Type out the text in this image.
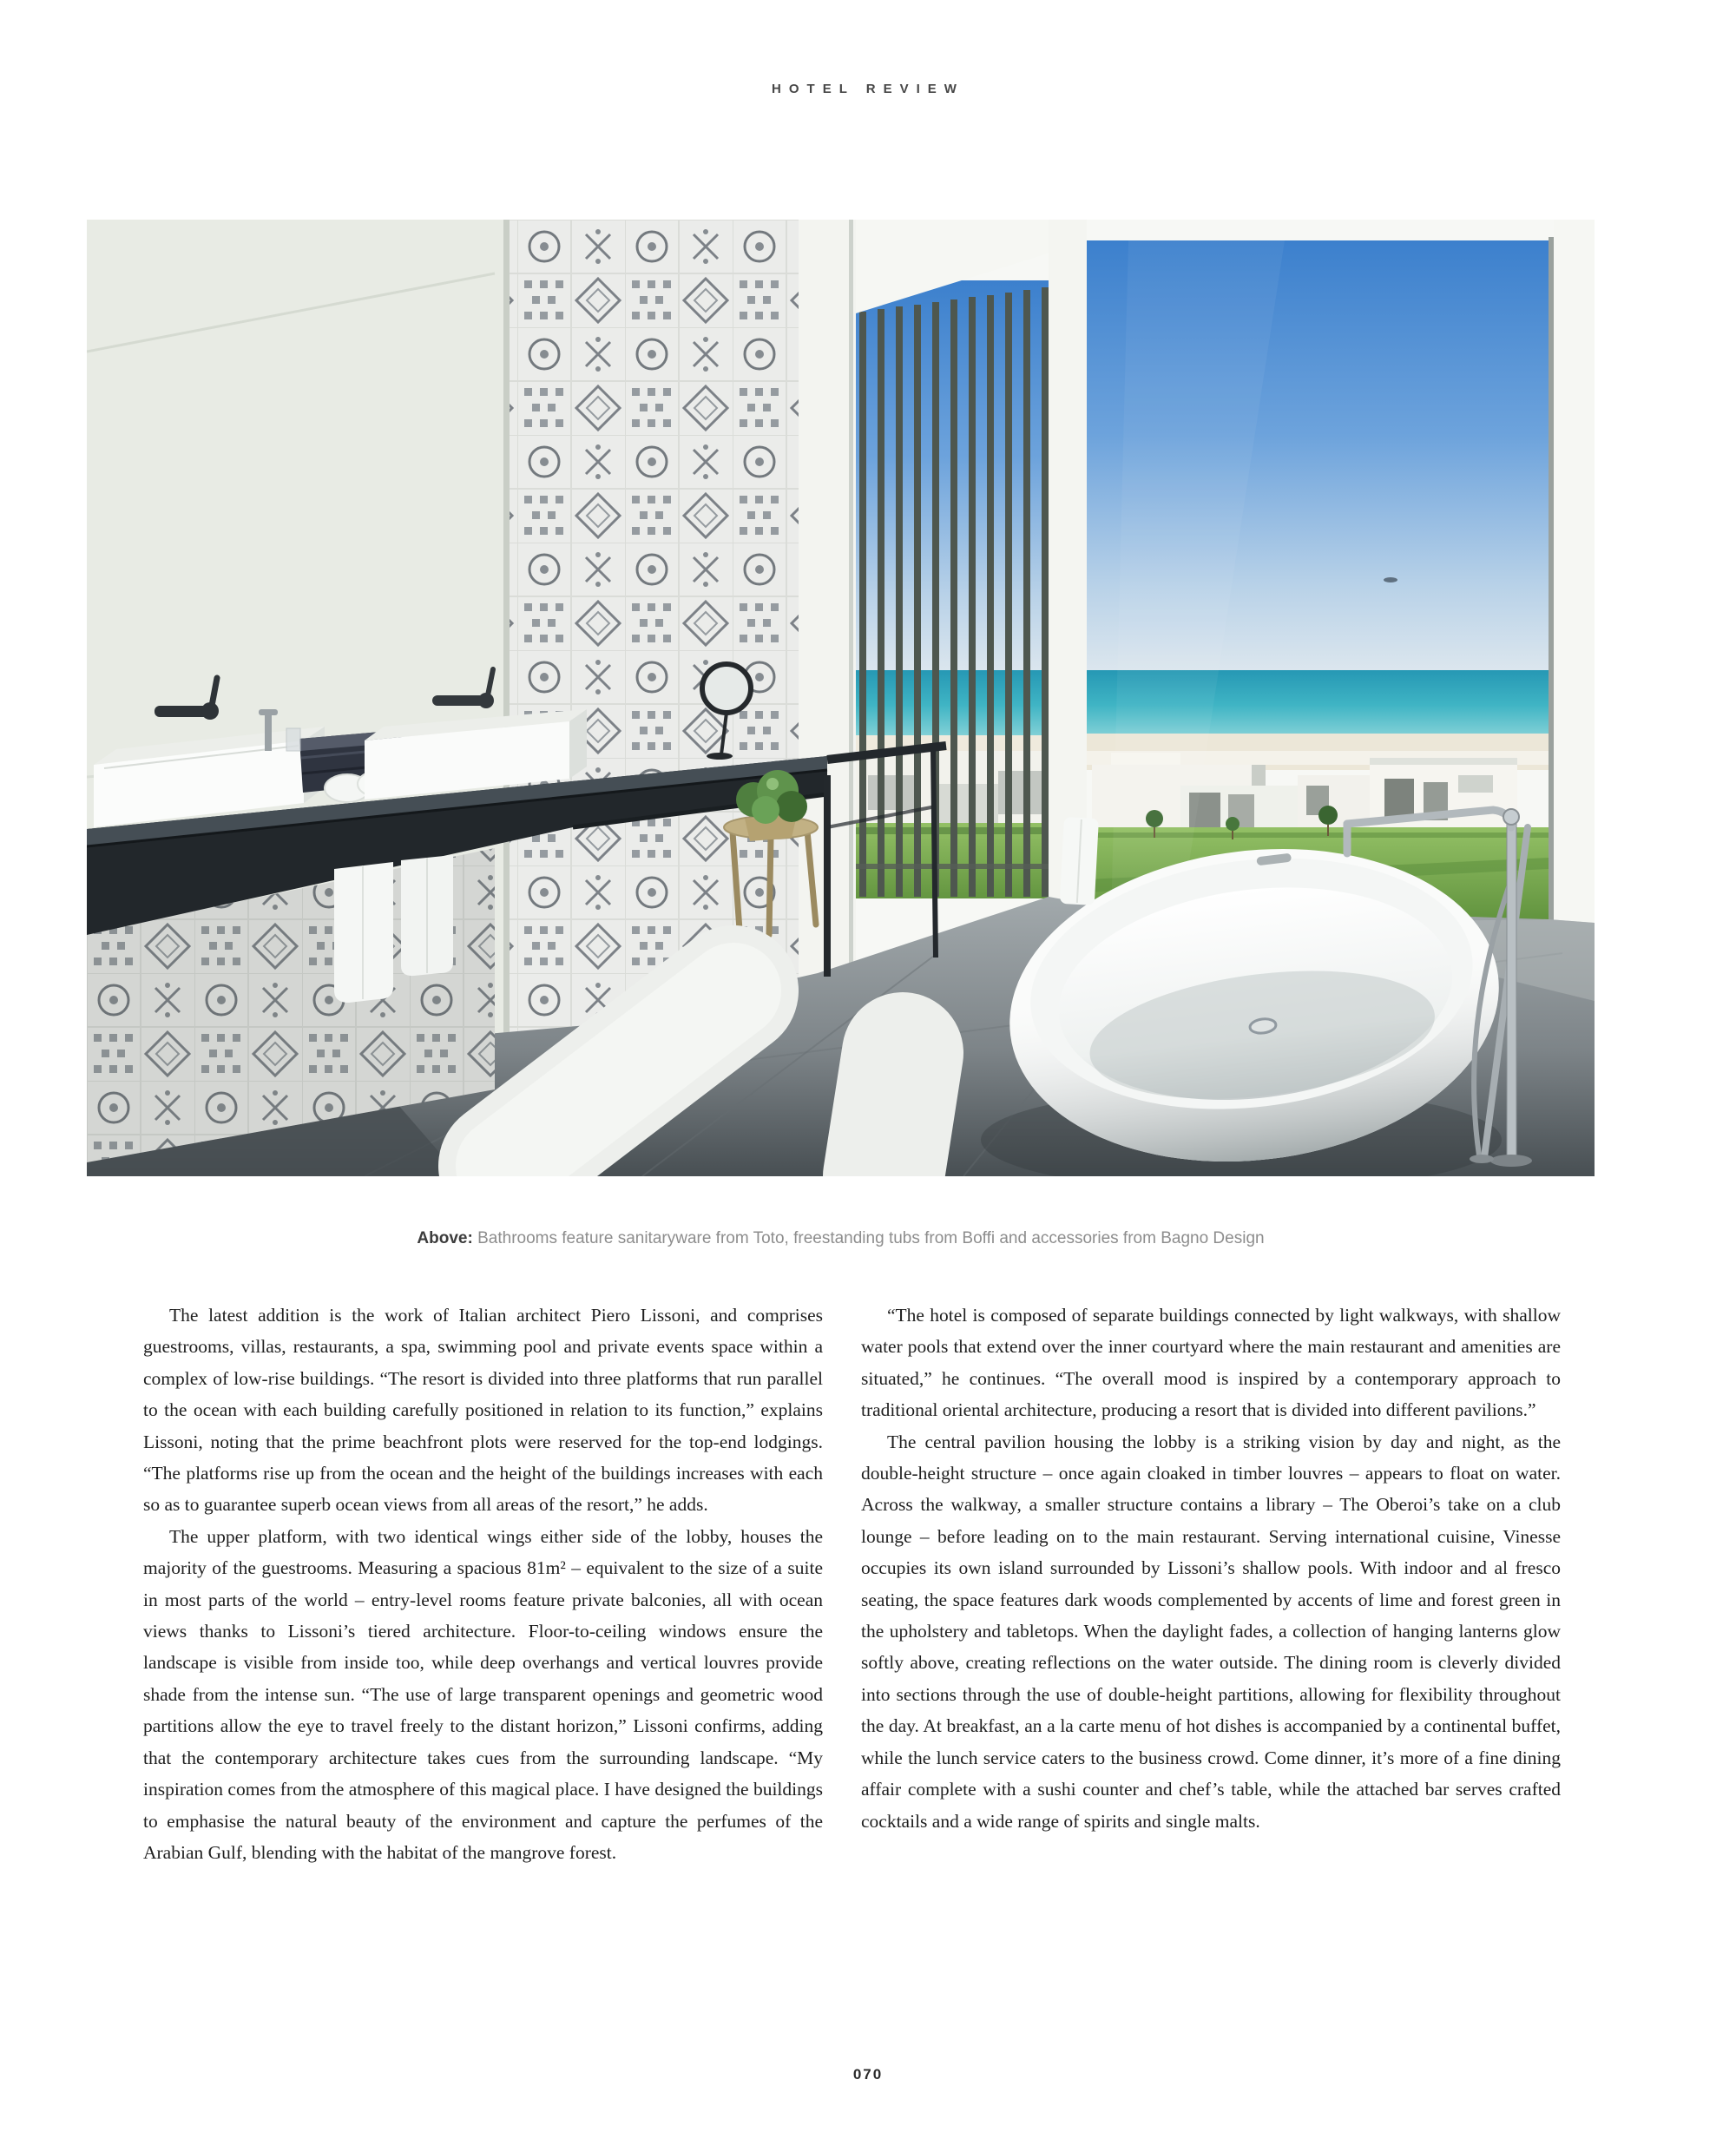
HOTEL REVIEW
Above: Bathrooms feature sanitaryware from Toto, freestanding tubs from Boffi and accessories from Bagno Design

The latest addition is the work of Italian architect Piero Lissoni, and comprises guestrooms, villas, restaurants, a spa, swimming pool and private events space within a complex of low-rise buildings. “The resort is divided into three platforms that run parallel to the ocean with each building carefully positioned in relation to its function,” explains Lissoni, noting that the prime beachfront plots were reserved for the top-end lodgings. “The platforms rise up from the ocean and the height of the buildings increases with each so as to guarantee superb ocean views from all areas of the resort,” he adds.

The upper platform, with two identical wings either side of the lobby, houses the majority of the guestrooms. Measuring a spacious 81m² – equivalent to the size of a suite in most parts of the world – entry-level rooms feature private balconies, all with ocean views thanks to Lissoni’s tiered architecture. Floor-to-ceiling windows ensure the landscape is visible from inside too, while deep overhangs and vertical louvres provide shade from the intense sun. “The use of large transparent openings and geometric wood partitions allow the eye to travel freely to the distant horizon,” Lissoni confirms, adding that the contemporary architecture takes cues from the surrounding landscape. “My inspiration comes from the atmosphere of this magical place. I have designed the buildings to emphasise the natural beauty of the environment and capture the perfumes of the Arabian Gulf, blending with the habitat of the mangrove forest.

“The hotel is composed of separate buildings connected by light walkways, with shallow water pools that extend over the inner courtyard where the main restaurant and amenities are situated,” he continues. “The overall mood is inspired by a contemporary approach to traditional oriental architecture, producing a resort that is divided into different pavilions.”

The central pavilion housing the lobby is a striking vision by day and night, as the double-height structure – once again cloaked in timber louvres – appears to float on water. Across the walkway, a smaller structure contains a library – The Oberoi’s take on a club lounge – before leading on to the main restaurant. Serving international cuisine, Vinesse occupies its own island surrounded by Lissoni’s shallow pools. With indoor and al fresco seating, the space features dark woods complemented by accents of lime and forest green in the upholstery and tabletops. When the daylight fades, a collection of hanging lanterns glow softly above, creating reflections on the water outside. The dining room is cleverly divided into sections through the use of double-height partitions, allowing for flexibility throughout the day. At breakfast, an a la carte menu of hot dishes is accompanied by a continental buffet, while the lunch service caters to the business crowd. Come dinner, it’s more of a fine dining affair complete with a sushi counter and chef’s table, while the attached bar serves crafted cocktails and a wide range of spirits and single malts.

070
